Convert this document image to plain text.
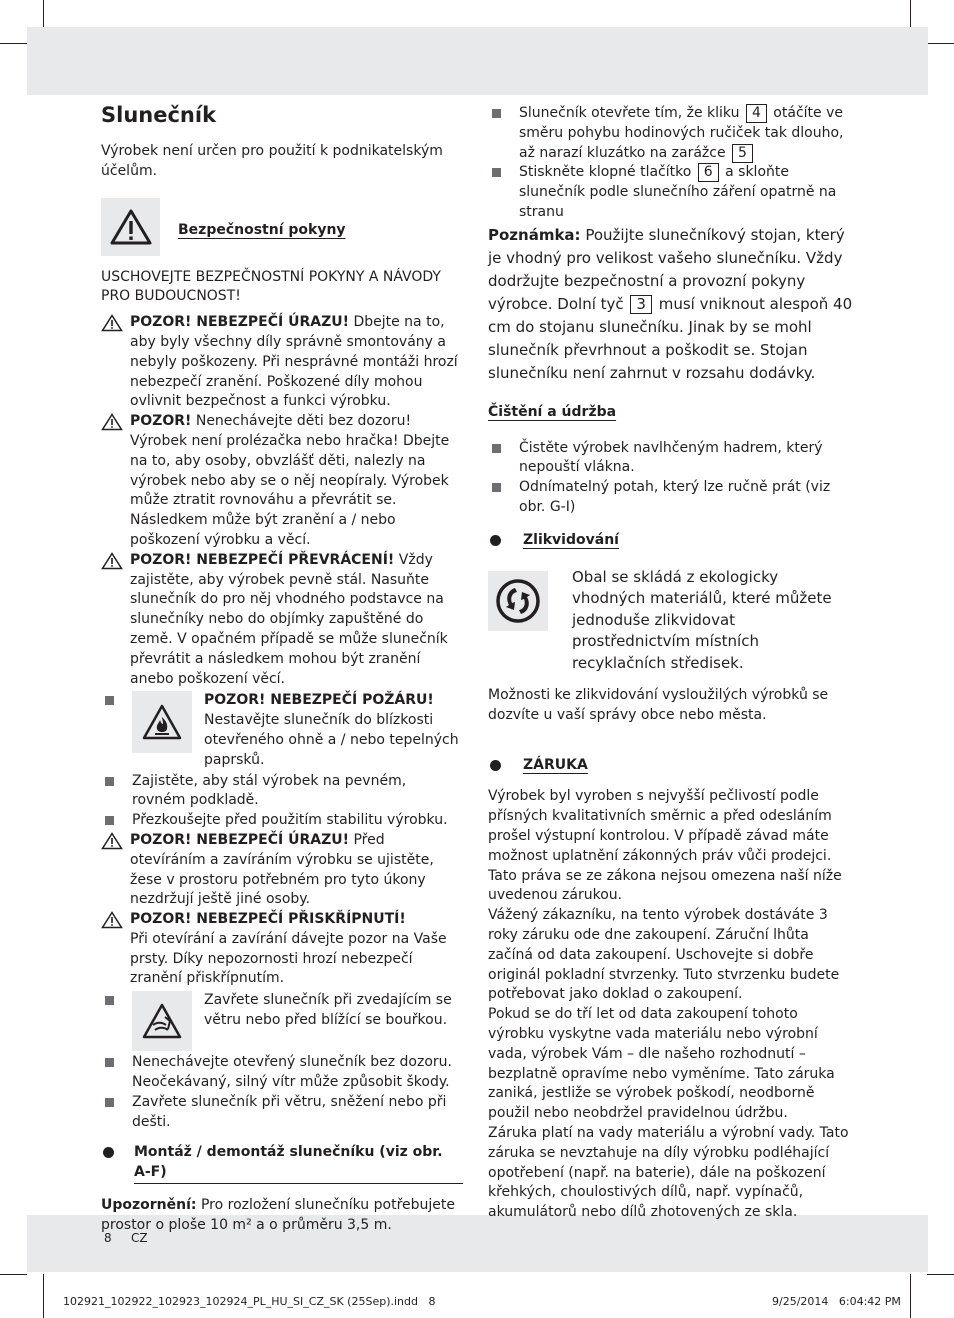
Slunečník

Výrobek není určen pro použití k podnikatelským účelům.

Bezpečnostní pokyny

USCHOVEJTE BEZPEČNOSTNÍ POKYNY A NÁVODY PRO BUDOUCNOST!

POZOR! NEBEZPEČÍ ÚRAZU! Dbejte na to, aby byly všechny díly správně smontovány a nebyly poškozeny. Při nesprávné montáži hrozí nebezpečí zranění. Poškozené díly mohou ovlivnit bezpečnost a funkci výrobku.

POZOR! Nenechávejte děti bez dozoru! Výrobek není prolézačka nebo hračka! Dbejte na to, aby osoby, obvzlášť děti, nalezly na výrobek nebo aby se o něj neopíraly. Výrobek může ztratit rovnováhu a převrátit se. Následkem může být zranění a / nebo poškození výrobku a věcí.

POZOR! NEBEZPEČÍ PŘEVRÁCENÍ! Vždy zajistěte, aby výrobek pevně stál. Nasuňte slunečník do pro něj vhodného podstavce na slunečníky nebo do objímky zapuštěné do země. V opačném případě se může slunečník převrátit a následkem mohou být zranění anebo poškození věcí.

POZOR! NEBEZPEČÍ POŽÁRU!
Nestavějte slunečník do blízkosti otevřeného ohně a / nebo tepelných paprsků.

Zajistěte, aby stál výrobek na pevném, rovném podkladě.

Přezkoušejte před použitím stabilitu výrobku.

POZOR! NEBEZPEČÍ ÚRAZU! Před otevíráním a zavíráním výrobku se ujistěte, žese v prostoru potřebném pro tyto úkony nezdržují ještě jiné osoby.

POZOR! NEBEZPEČÍ PŘISKŘÍPNUTÍ!
Při otevírání a zavírání dávejte pozor na Vaše prsty. Díky nepozornosti hrozí nebezpečí zranění přiskřípnutím.

Zavřete slunečník při zvedajícím se větru nebo před blížící se bouřkou.

Nenechávejte otevřený slunečník bez dozoru. Neočekávaný, silný vítr může způsobit škody.

Zavřete slunečník při větru, sněžení nebo při dešti.

Montáž / demontáž slunečníku (viz obr. A-F)

Upozornění: Pro rozložení slunečníku potřebujete prostor o ploše 10 m² a o průměru 3,5 m.

Slunečník otevřete tím, že kliku 4 otáčíte ve směru pohybu hodinových ručiček tak dlouho, až narazí kluzátko na zarážce 5

Stiskněte klopné tlačítko 6 a skloňte slunečník podle slunečního záření opatrně na stranu

Poznámka: Použijte slunečníkový stojan, který je vhodný pro velikost vašeho slunečníku. Vždy dodržujte bezpečnostní a provozní pokyny výrobce. Dolní tyč 3 musí vniknout alespoň 40 cm do stojanu slunečníku. Jinak by se mohl slunečník převrhnout a poškodit se. Stojan slunečníku není zahrnut v rozsahu dodávky.

Čištění a údržba

Čistěte výrobek navlhčeným hadrem, který nepouští vlákna.

Odnímatelný potah, který lze ručně prát (viz obr. G-I)

Zlikvidování

Obal se skládá z ekologicky vhodných materiálů, které můžete jednoduše zlikvidovat prostřednictvím místních recyklačních středisek.

Možnosti ke zlikvidování vysloužilých výrobků se dozvíte u vaší správy obce nebo města.

ZÁRUKA

Výrobek byl vyroben s nejvyšší pečlivostí podle přísných kvalitativních směrnic a před odesláním prošel výstupní kontrolou. V případě závad máte možnost uplatnění zákonných práv vůči prodejci. Tato práva se ze zákona nejsou omezena naší níže uvedenou zárukou.

Vážený zákazníku, na tento výrobek dostáváte 3 roky záruku ode dne zakoupení. Záruční lhůta začíná od data zakoupení. Uschovejte si dobře originál pokladní stvrzenky. Tuto stvrzenku budete potřebovat jako doklad o zakoupení.

Pokud se do tří let od data zakoupení tohoto výrobku vyskytne vada materiálu nebo výrobní vada, výrobek Vám – dle našeho rozhodnutí – bezplatně opravíme nebo vyměníme. Tato záruka zaniká, jestliže se výrobek poškodí, neodborně použil nebo neobdržel pravidelnou údržbu.

Záruka platí na vady materiálu a výrobní vady. Tato záruka se nevztahuje na díly výrobku podléhající opotřebení (např. na baterie), dále na poškození křehkých, choulostivých dílů, např. vypínačů, akumulátorů nebo dílů zhotovených ze skla.

8 CZ
102921_102922_102923_102924_PL_HU_SI_CZ_SK (25Sep).indd   8	9/25/2014   6:04:42 PM
